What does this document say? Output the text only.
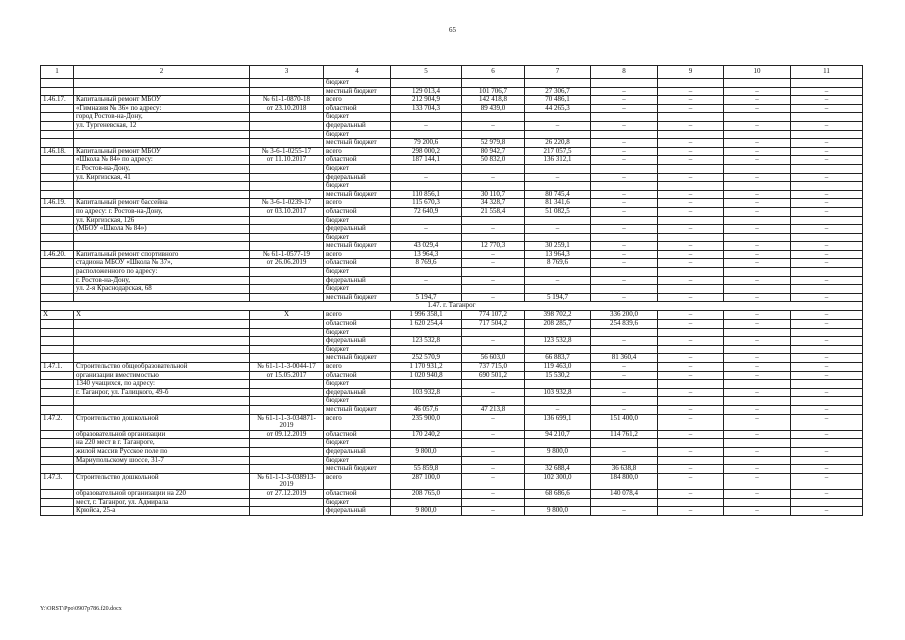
65
1	2	3	4	5	6	7	8	9	10	11
			бюджет							
			местный бюджет	129 013,4	101 706,7	27 306,7	–	–	–	–
1.46.17.	Капитальный ремонт МБОУ	№ 61-1-0870-18	всего	212 904,9	142 418,8	70 486,1	–	–	–	–
	«Гимназия № 36» по адресу:	от 23.10.2018	областной	133 704,3	89 439,0	44 265,3	–	–	–	–
	город Ростов-на-Дону,		бюджет							
	ул. Тургеневская, 12		федеральный	–	–	–	–	–	–	–
			бюджет							
			местный бюджет	79 200,6	52 979,8	26 220,8	–	–	–	–
1.46.18.	Капитальный ремонт МБОУ	№ 3-6-1-0255-17	всего	298 000,2	80 942,7	217 057,5	–	–	–	–
	«Школа № 84» по адресу:	от 11.10.2017	областной	187 144,1	50 832,0	136 312,1	–	–	–	–
	г. Ростов-на-Дону,		бюджет							
	ул. Киргизская, 41		федеральный	–	–	–	–	–	–	–
			бюджет							
			местный бюджет	110 856,1	30 110,7	80 745,4	–	–	–	–
1.46.19.	Капитальный ремонт бассейна	№ 3-6-1-0239-17	всего	115 670,3	34 328,7	81 341,6	–	–	–	–
	по адресу: г. Ростов-на-Дону,	от 03.10.2017	областной	72 640,9	21 558,4	51 082,5	–	–	–	–
	ул. Киргизская, 126		бюджет							
	(МБОУ «Школа № 84»)		федеральный	–	–	–	–	–	–	–
			бюджет							
			местный бюджет	43 029,4	12 770,3	30 259,1	–	–	–	–
1.46.20.	Капитальный ремонт спортивного	№ 61-1-0577-19	всего	13 964,3	–	13 964,3	–	–	–	–
	стадиона МБОУ «Школа № 37»,	от 26.06.2019	областной	8 769,6	–	8 769,6	–	–	–	–
	расположенного по адресу:		бюджет							
	г. Ростов-на-Дону,		федеральный	–	–	–	–	–	–	–
	ул. 2-я Краснодарская, 68		бюджет							
			местный бюджет	5 194,7	–	5 194,7	–	–	–	–
1.47. г. Таганрог										
X	X	X	всего	1 996 358,1	774 107,2	398 702,2	336 200,0	–	–	–
			областной	1 620 254,4	717 504,2	208 285,7	254 839,6	–	–	–
			бюджет							
			федеральный	123 532,8	–	123 532,8	–	–	–	–
			бюджет							
			местный бюджет	252 570,9	56 603,0	66 883,7	81 360,4	–	–	–
1.47.1.	Строительство общеобразовательной	№ 61-1-1-3-0044-17	всего	1 170 931,2	737 715,0	119 463,0	–	–	–	–
	организации вместимостью	от 15.05.2017	областной	1 020 940,8	690 501,2	15 530,2	–	–	–	–
	1340 учащихся, по адресу:		бюджет							
	г. Таганрог, ул. Галицкого, 49-б		федеральный	103 932,8	–	103 932,8	–	–	–	–
			бюджет							
			местный бюджет	46 057,6	47 213,8	–	–	–	–	–
1.47.2.	Строительство дошкольной	№ 61-1-1-3-034871-2019	всего	235 900,0	–	136 699,1	151 400,0	–	–	–
	образовательной организации	от 09.12.2019	областной	170 240,2	–	94 210,7	114 761,2	–	–	–
	на 220 мест в г. Таганроге,		бюджет							
	жилой массив Русское поле по		федеральный	9 800,0	–	9 800,0	–	–	–	–
	Мариупольскому шоссе, 31-7		бюджет							
			местный бюджет	55 859,8	–	32 688,4	36 638,8	–	–	–
1.47.3.	Строительство дошкольной	№ 61-1-1-3-038913-2019	всего	287 100,0	–	102 300,0	184 800,0	–	–	–
	образовательной организации на 220	от 27.12.2019	областной	208 765,0	–	68 686,6	140 078,4	–	–	–
	мест, г. Таганрог, ул. Адмирала		бюджет							
	Крюйса, 25-а		федеральный	9 800,0	–	9 800,0	–	–	–	–
Y:\ORST\Ppo\0907p786.f20.docx
